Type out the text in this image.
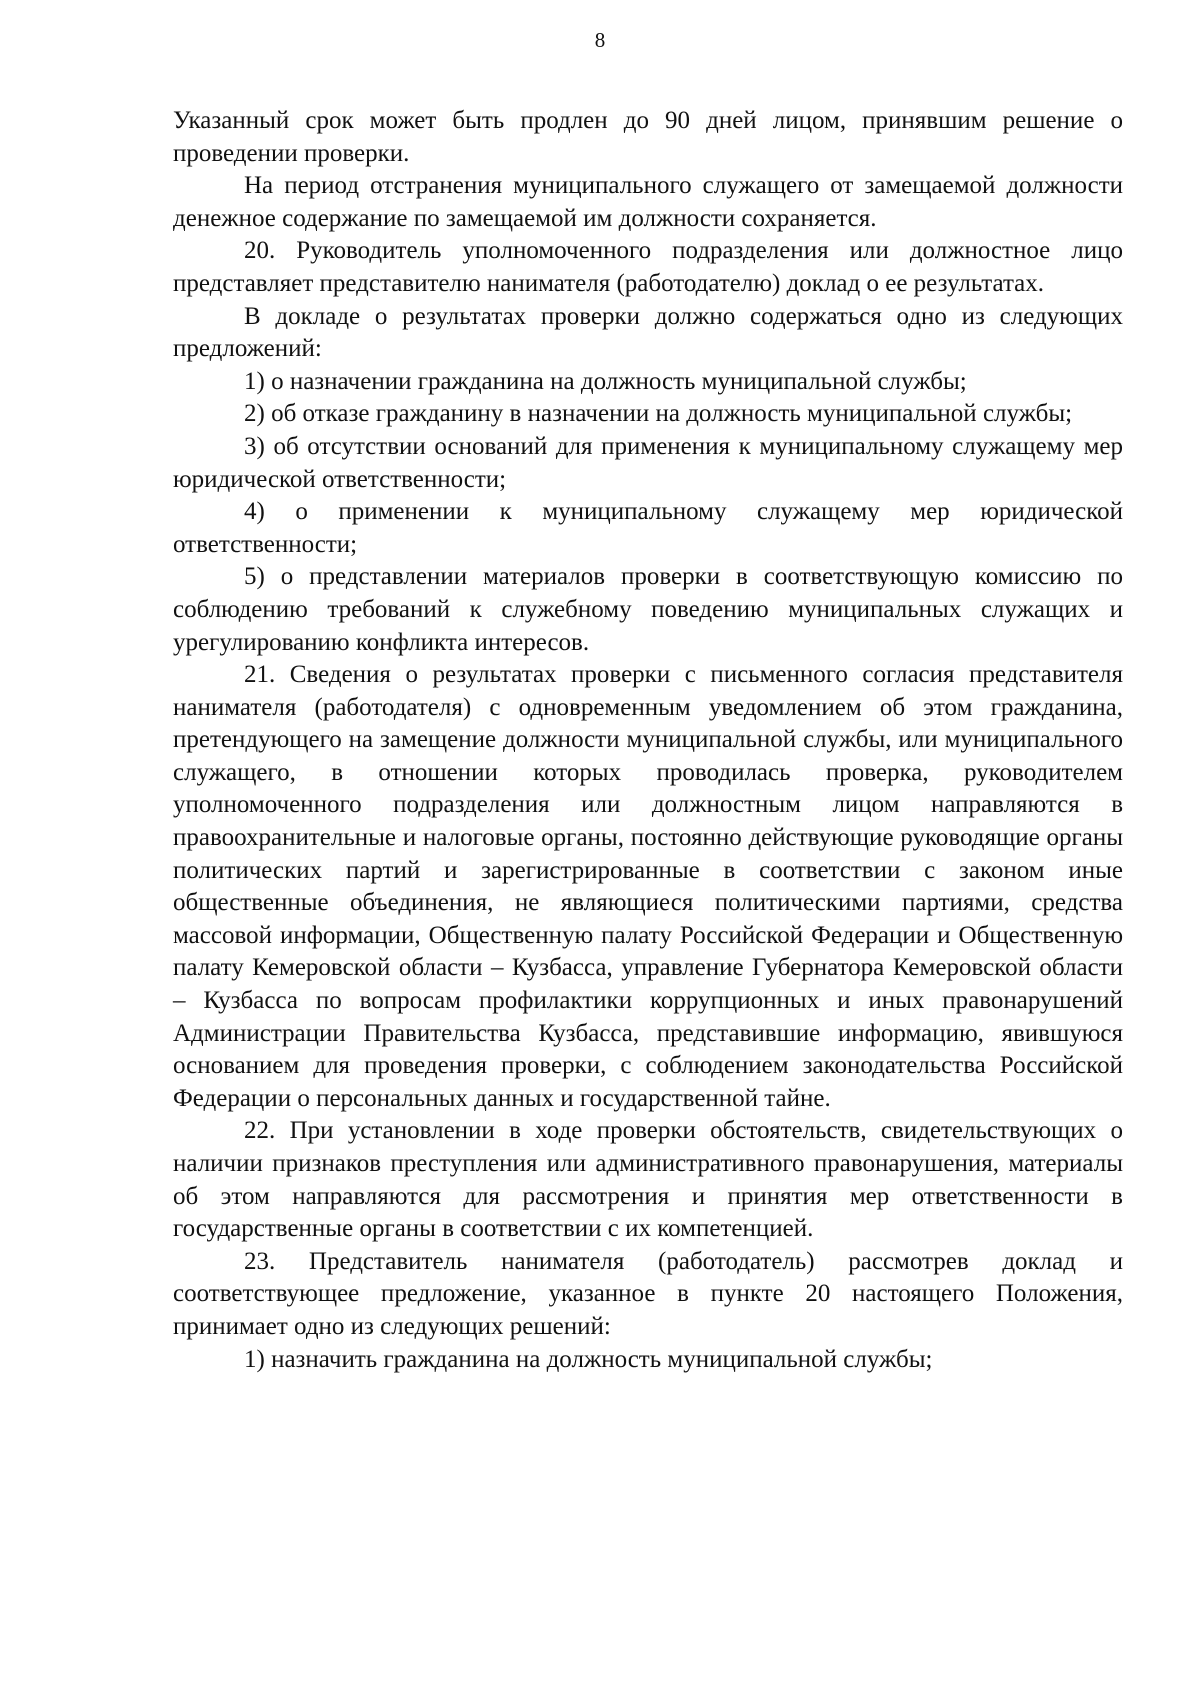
8

Указанный срок может быть продлен до 90 дней лицом, принявшим решение о проведении проверки.

На период отстранения муниципального служащего от замещаемой должности денежное содержание по замещаемой им должности сохраняется.

20. Руководитель уполномоченного подразделения или должностное лицо представляет представителю нанимателя (работодателю) доклад о ее результатах.

В докладе о результатах проверки должно содержаться одно из следующих предложений:

1) о назначении гражданина на должность муниципальной службы;

2) об отказе гражданину в назначении на должность муниципальной службы;

3) об отсутствии оснований для применения к муниципальному служащему мер юридической ответственности;

4) о применении к муниципальному служащему мер юридической ответственности;

5) о представлении материалов проверки в соответствующую комиссию по соблюдению требований к служебному поведению муниципальных служащих и урегулированию конфликта интересов.

21. Сведения о результатах проверки с письменного согласия представителя нанимателя (работодателя) с одновременным уведомлением об этом гражданина, претендующего на замещение должности муниципальной службы, или муниципального служащего, в отношении которых проводилась проверка, руководителем уполномоченного подразделения или должностным лицом направляются в правоохранительные и налоговые органы, постоянно действующие руководящие органы политических партий и зарегистрированные в соответствии с законом иные общественные объединения, не являющиеся политическими партиями, средства массовой информации, Общественную палату Российской Федерации и Общественную палату Кемеровской области – Кузбасса, управление Губернатора Кемеровской области – Кузбасса по вопросам профилактики коррупционных и иных правонарушений Администрации Правительства Кузбасса, представившие информацию, явившуюся основанием для проведения проверки, с соблюдением законодательства Российской Федерации о персональных данных и государственной тайне.

22. При установлении в ходе проверки обстоятельств, свидетельствующих о наличии признаков преступления или административного правонарушения, материалы об этом направляются для рассмотрения и принятия мер ответственности в государственные органы в соответствии с их компетенцией.

23. Представитель нанимателя (работодатель) рассмотрев доклад и соответствующее предложение, указанное в пункте 20 настоящего Положения, принимает одно из следующих решений:

1) назначить гражданина на должность муниципальной службы;
